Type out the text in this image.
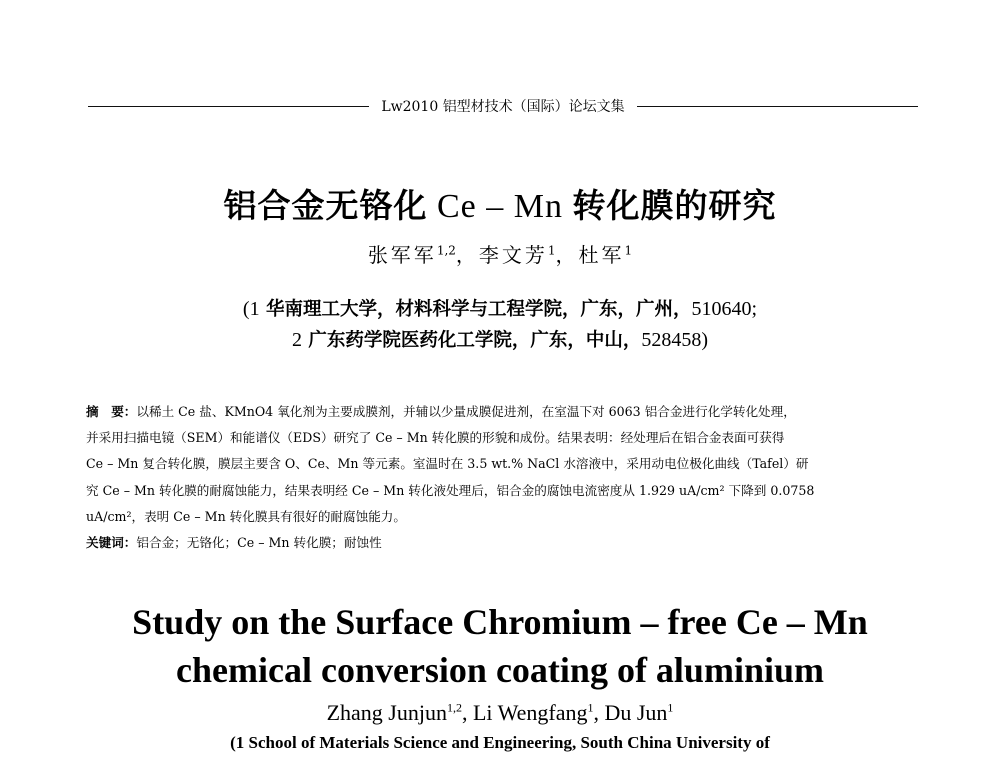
Lw2010 铝型材技术（国际）论坛文集
铝合金无铬化 Ce – Mn 转化膜的研究
张军军$^{1,2}$，李文芳$^1$，杜军$^1$
(1 华南理工大学，材料科学与工程学院，广东，广州，510640;
2 广东药学院医药化工学院，广东，中山，528458)
摘　要：以稀土 Ce 盐、KMnO4 氧化剂为主要成膜剂，并辅以少量成膜促进剂，在室温下对 6063 铝合金进行化学转化处理，
并采用扫描电镜（SEM）和能谱仪（EDS）研究了 Ce – Mn 转化膜的形貌和成份。结果表明：经处理后在铝合金表面可获得
Ce – Mn 复合转化膜，膜层主要含 O、Ce、Mn 等元素。室温时在 3.5 wt.% NaCl 水溶液中，采用动电位极化曲线（Tafel）研
究 Ce – Mn 转化膜的耐腐蚀能力，结果表明经 Ce – Mn 转化液处理后，铝合金的腐蚀电流密度从 1.929 uA/cm² 下降到 0.0758
uA/cm²，表明 Ce – Mn 转化膜具有很好的耐腐蚀能力。
关键词：铝合金；无铬化；Ce – Mn 转化膜；耐蚀性
Study on the Surface Chromium – free Ce – Mn
chemical conversion coating of aluminium
Zhang Junjun$^{1,2}$, Li Wengfang$^1$, Du Jun$^1$
(1 School of Materials Science and Engineering, South China University of
